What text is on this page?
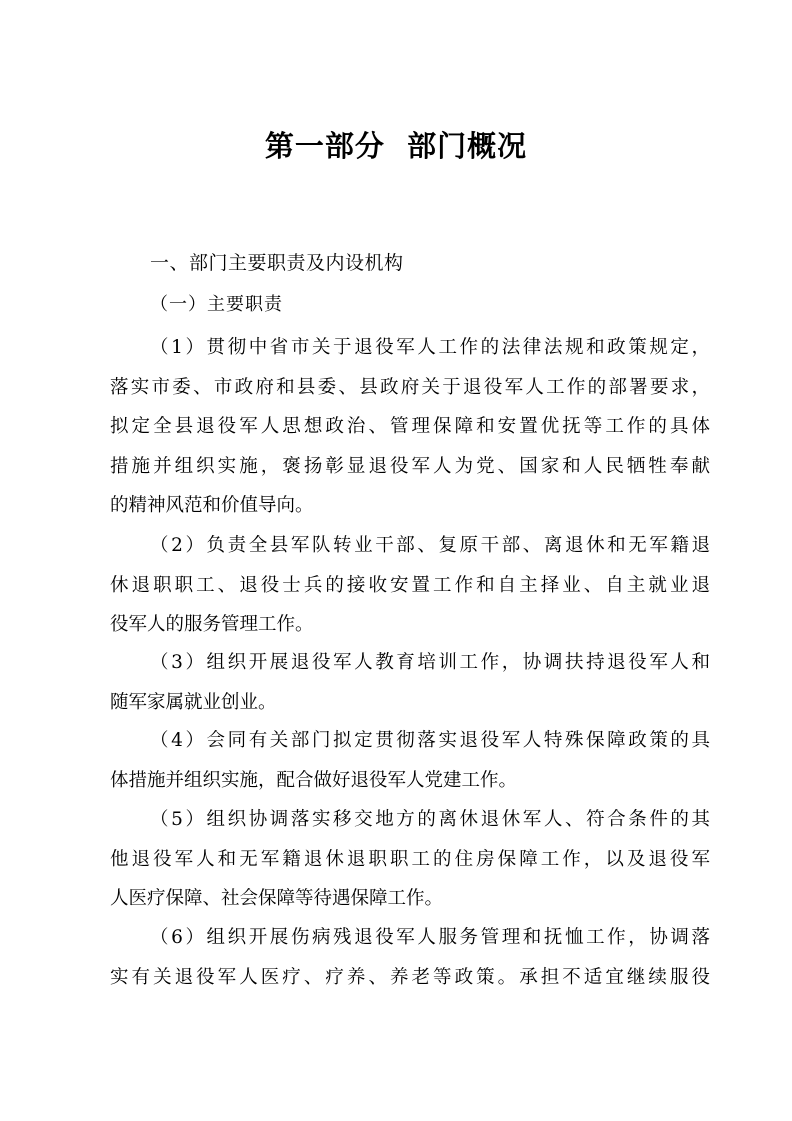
第一部分  部门概况
一、部门主要职责及内设机构
（一）主要职责
（1）贯彻中省市关于退役军人工作的法律法规和政策规定，
落实市委、市政府和县委、县政府关于退役军人工作的部署要求，
拟定全县退役军人思想政治、管理保障和安置优抚等工作的具体
措施并组织实施，褒扬彰显退役军人为党、国家和人民牺牲奉献
的精神风范和价值导向。
（2）负责全县军队转业干部、复原干部、离退休和无军籍退
休退职职工、退役士兵的接收安置工作和自主择业、自主就业退
役军人的服务管理工作。
（3）组织开展退役军人教育培训工作，协调扶持退役军人和
随军家属就业创业。
（4）会同有关部门拟定贯彻落实退役军人特殊保障政策的具
体措施并组织实施，配合做好退役军人党建工作。
（5）组织协调落实移交地方的离休退休军人、符合条件的其
他退役军人和无军籍退休退职职工的住房保障工作，以及退役军
人医疗保障、社会保障等待遇保障工作。
（6）组织开展伤病残退役军人服务管理和抚恤工作，协调落
实有关退役军人医疗、疗养、养老等政策。承担不适宜继续服役
